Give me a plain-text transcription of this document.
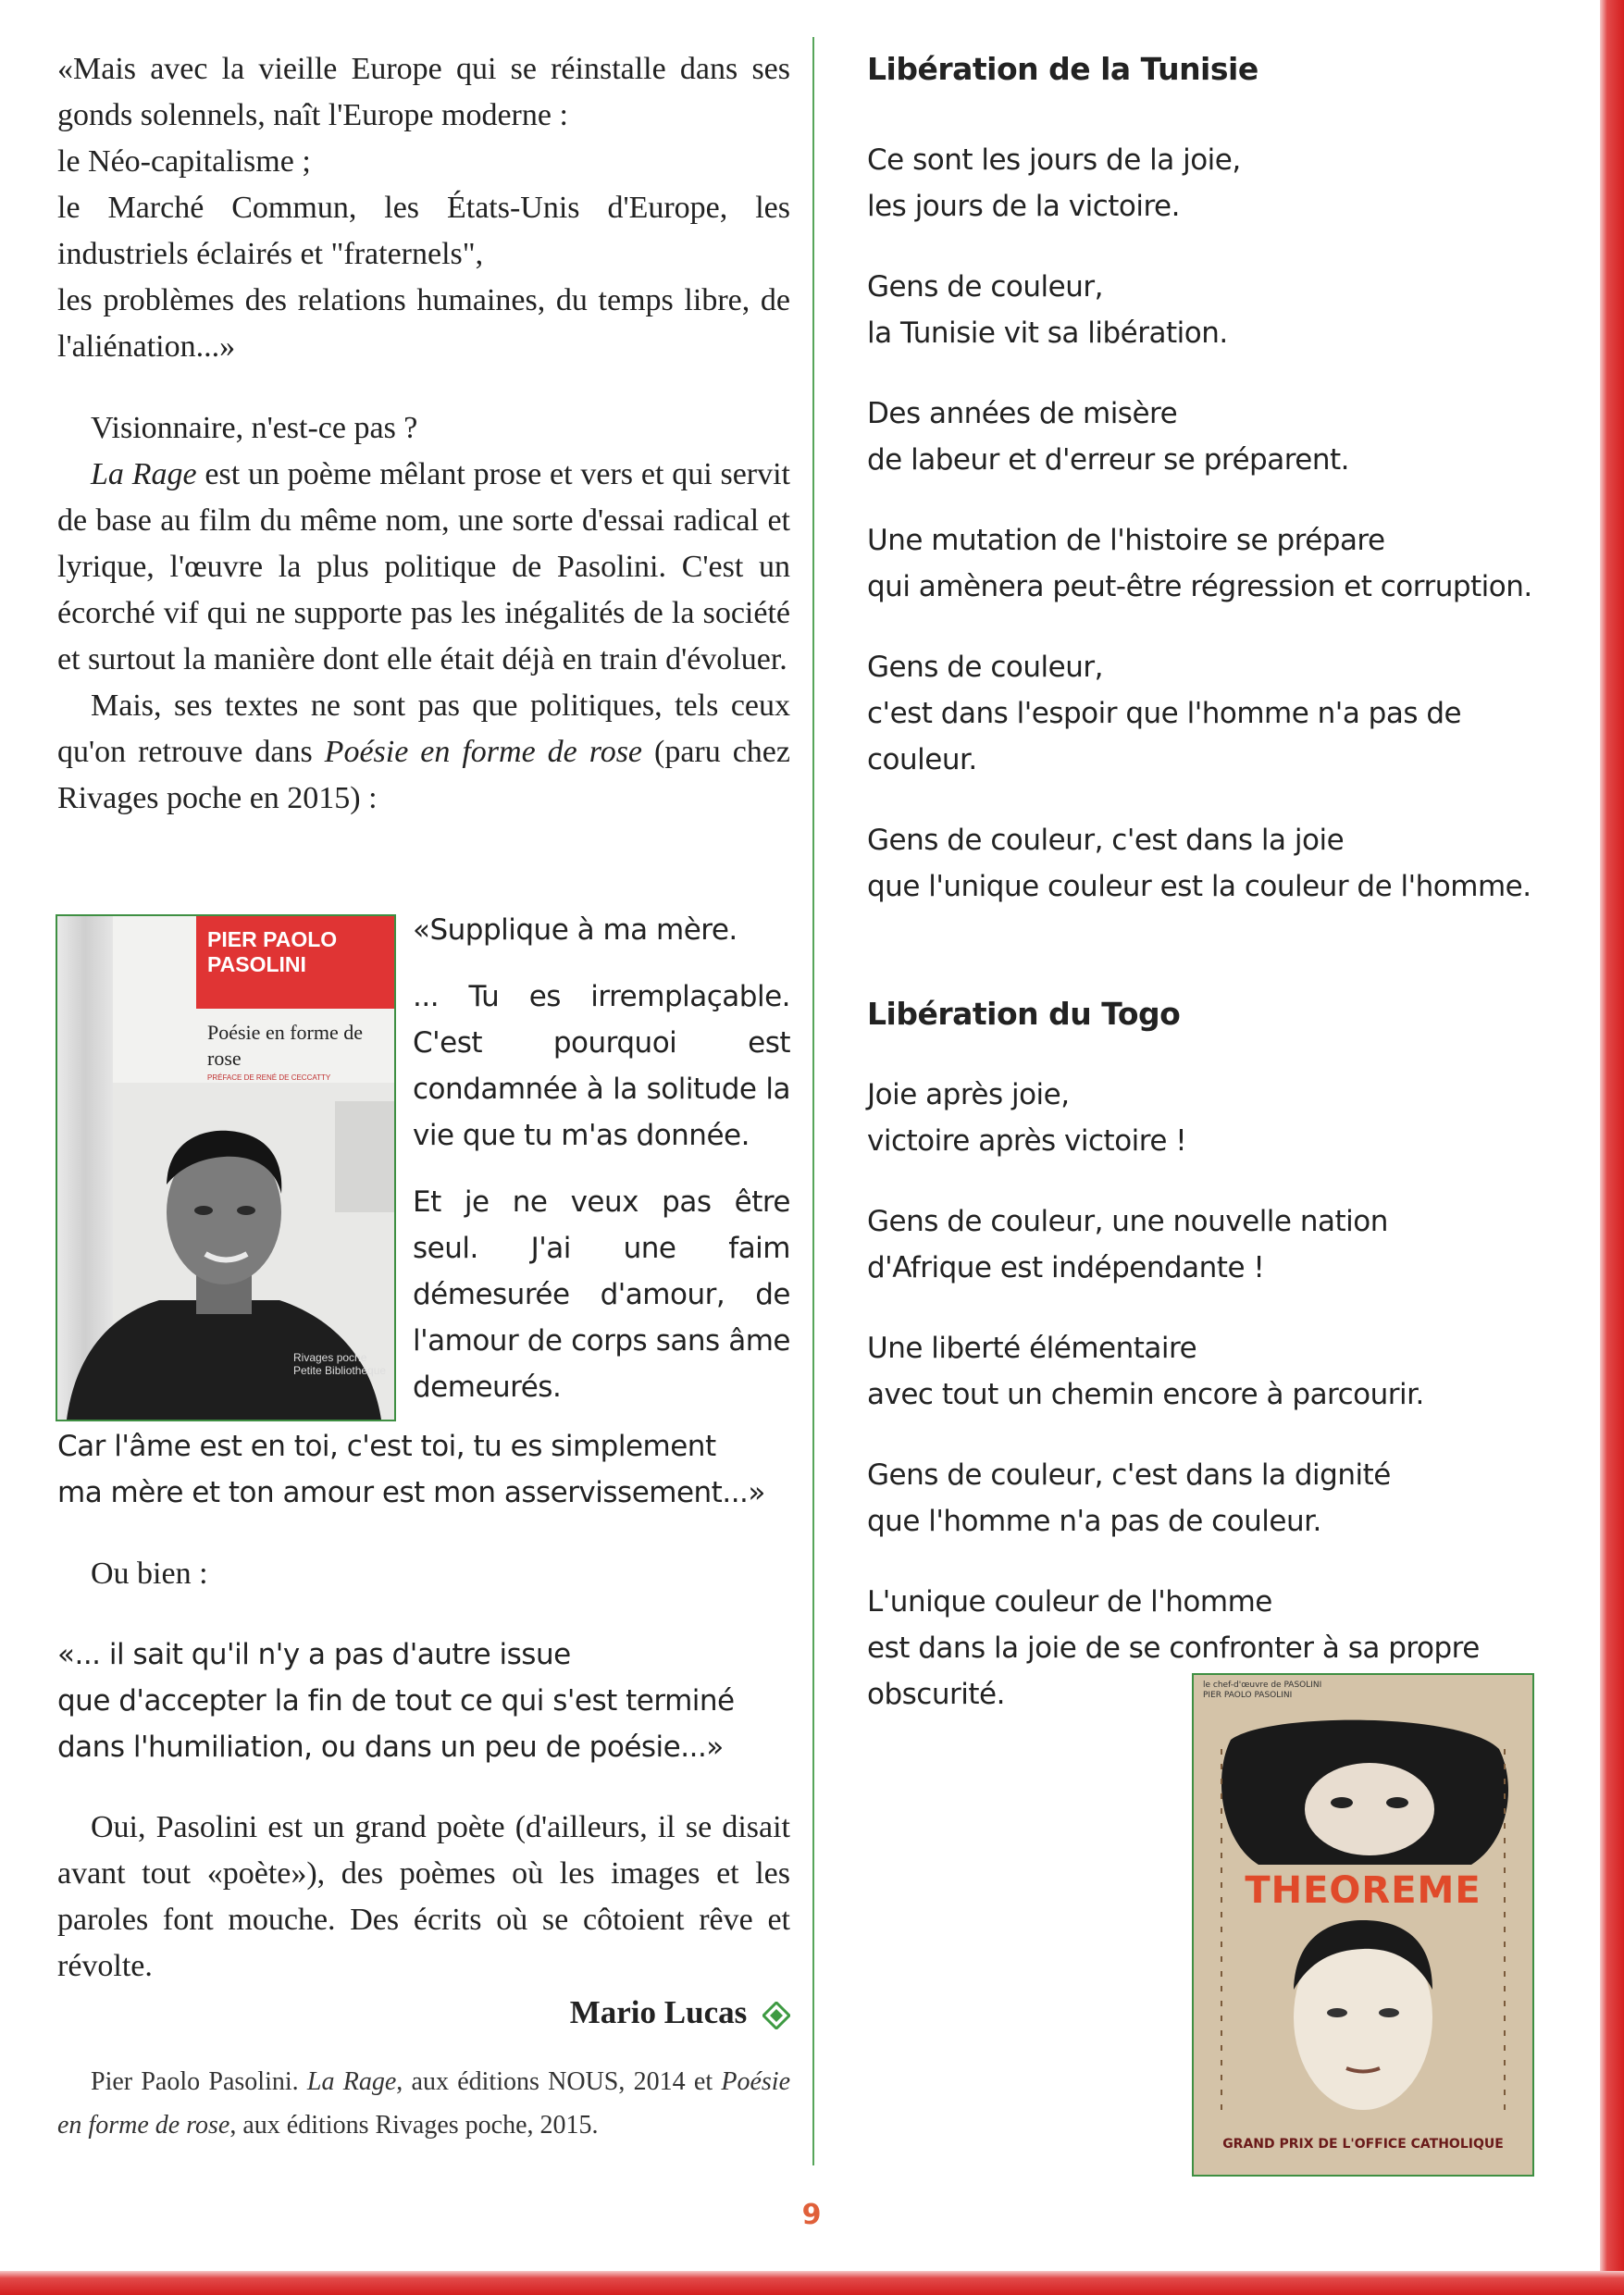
«Mais avec la vieille Europe qui se réinstalle dans ses gonds solennels, naît l'Europe moderne :

le Néo-capitalisme ;

le Marché Commun, les États-Unis d'Europe, les industriels éclairés et "fraternels",

les problèmes des relations humaines, du temps libre, de l'aliénation...»

Visionnaire, n'est-ce pas ?

La Rage est un poème mêlant prose et vers et qui servit de base au film du même nom, une sorte d'essai radical et lyrique, l'œuvre la plus politique de Pasolini. C'est un écorché vif qui ne supporte pas les inégalités de la société et surtout la manière dont elle était déjà en train d'évoluer.

Mais, ses textes ne sont pas que politiques, tels ceux qu'on retrouve dans Poésie en forme de rose (paru chez Rivages poche en 2015) :

«Supplique à ma mère.

... Tu es irremplaçable. C'est pourquoi est condamnée à la solitude la vie que tu m'as donnée.

Et je ne veux pas être seul. J'ai une faim démesurée d'amour, de l'amour de corps sans âme demeurés.

Car l'âme est en toi, c'est toi, tu es simplement

ma mère et ton amour est mon asservissement...»

Ou bien :

«... il sait qu'il n'y a pas d'autre issue

que d'accepter la fin de tout ce qui s'est terminé

dans l'humiliation, ou dans un peu de poésie...»

Oui, Pasolini est un grand poète (d'ailleurs, il se disait avant tout «poète»), des poèmes où les images et les paroles font mouche. Des écrits où se côtoient rêve et révolte.

Mario Lucas

Pier Paolo Pasolini. La Rage, aux éditions NOUS, 2014 et Poésie en forme de rose, aux éditions Rivages poche, 2015.

PIER PAOLO PASOLINI
Poésie en forme de rose
PRÉFACE DE RENÉ DE CECCATTY
Rivages poche Petite Bibliothèque

Libération de la Tunisie

Ce sont les jours de la joie,

les jours de la victoire.

Gens de couleur,

la Tunisie vit sa libération.

Des années de misère

de labeur et d'erreur se préparent.

Une mutation de l'histoire se prépare

qui amènera peut-être régression et corruption.

Gens de couleur,

c'est dans l'espoir que l'homme n'a pas de couleur.

Gens de couleur, c'est dans la joie

que l'unique couleur est la couleur de l'homme.

Libération du Togo

Joie après joie,

victoire après victoire !

Gens de couleur, une nouvelle nation

d'Afrique est indépendante !

Une liberté élémentaire

avec tout un chemin encore à parcourir.

Gens de couleur, c'est dans la dignité

que l'homme n'a pas de couleur.

L'unique couleur de l'homme

est dans la joie de se confronter à sa propre

obscurité.	le chef-d'œuvre de PASOLINI
PIER PAOLO PASOLINI
THEOREME
GRAND PRIX DE L'OFFICE CATHOLIQUE
9
